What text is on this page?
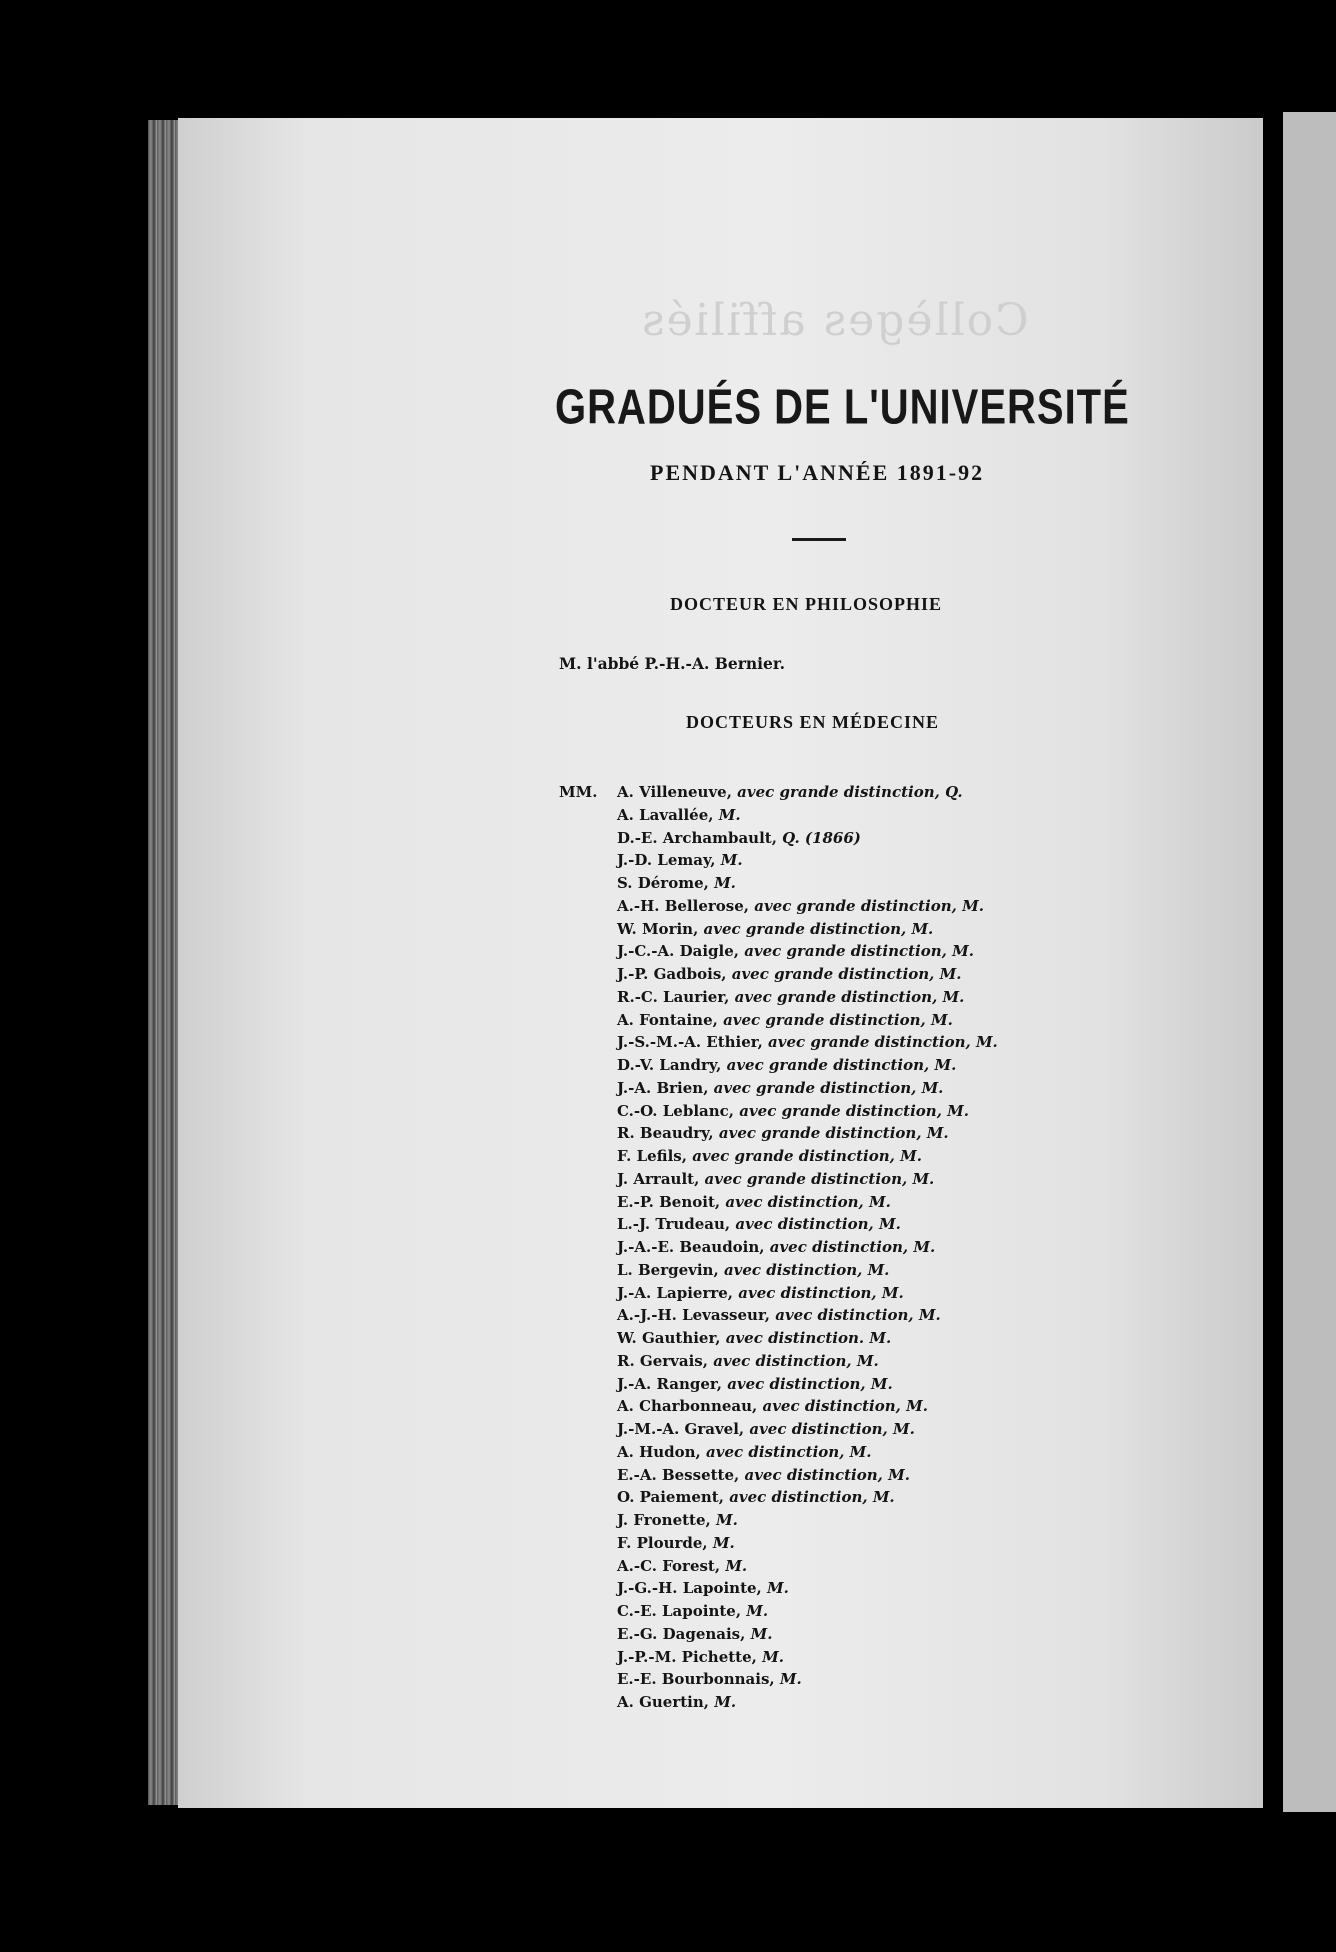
Collèges affiliés
GRADUÉS DE L'UNIVERSITÉ
PENDANT L'ANNÉE 1891-92
DOCTEUR EN PHILOSOPHIE
M. l'abbé P.-H.-A. Bernier.
DOCTEURS EN MÉDECINE
MM. A. Villeneuve, avec grande distinction, Q.
A. Lavallée, M.
D.-E. Archambault, Q. (1866)
J.-D. Lemay, M.
S. Dérome, M.
A.-H. Bellerose, avec grande distinction, M.
W. Morin, avec grande distinction, M.
J.-C.-A. Daigle, avec grande distinction, M.
J.-P. Gadbois, avec grande distinction, M.
R.-C. Laurier, avec grande distinction, M.
A. Fontaine, avec grande distinction, M.
J.-S.-M.-A. Ethier, avec grande distinction, M.
D.-V. Landry, avec grande distinction, M.
J.-A. Brien, avec grande distinction, M.
C.-O. Leblanc, avec grande distinction, M.
R. Beaudry, avec grande distinction, M.
F. Lefils, avec grande distinction, M.
J. Arrault, avec grande distinction, M.
E.-P. Benoit, avec distinction, M.
L.-J. Trudeau, avec distinction, M.
J.-A.-E. Beaudoin, avec distinction, M.
L. Bergevin, avec distinction, M.
J.-A. Lapierre, avec distinction, M.
A.-J.-H. Levasseur, avec distinction, M.
W. Gauthier, avec distinction. M.
R. Gervais, avec distinction, M.
J.-A. Ranger, avec distinction, M.
A. Charbonneau, avec distinction, M.
J.-M.-A. Gravel, avec distinction, M.
A. Hudon, avec distinction, M.
E.-A. Bessette, avec distinction, M.
O. Paiement, avec distinction, M.
J. Fronette, M.
F. Plourde, M.
A.-C. Forest, M.
J.-G.-H. Lapointe, M.
C.-E. Lapointe, M.
E.-G. Dagenais, M.
J.-P.-M. Pichette, M.
E.-E. Bourbonnais, M.
A. Guertin, M.
